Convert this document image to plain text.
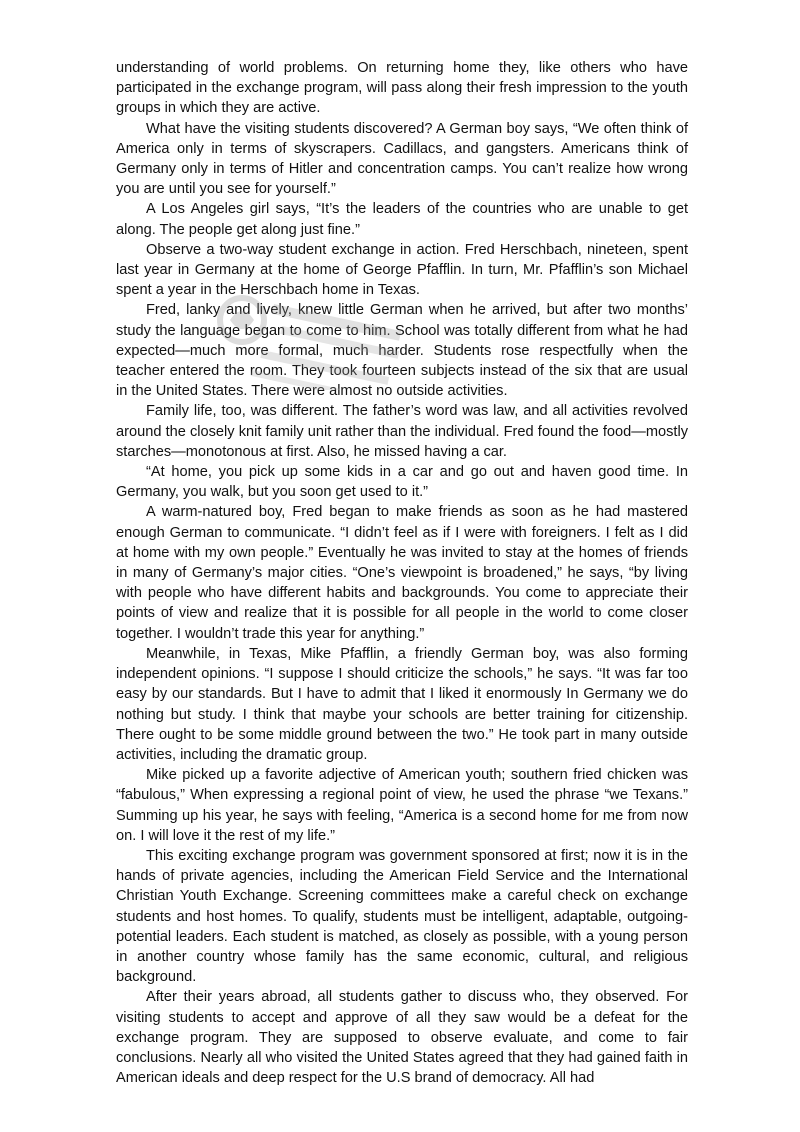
understanding of world problems. On returning home they, like others who have participated in the exchange program, will pass along their fresh impression to the youth groups in which they are active.

What have the visiting students discovered? A German boy says, “We often think of America only in terms of skyscrapers. Cadillacs, and gangsters. Americans think of Germany only in terms of Hitler and concentration camps. You can’t realize how wrong you are until you see for yourself.”

A Los Angeles girl says, “It’s the leaders of the countries who are unable to get along. The people get along just fine.”

Observe a two-way student exchange in action. Fred Herschbach, nineteen, spent last year in Germany at the home of George Pfafflin. In turn, Mr. Pfafflin’s son Michael spent a year in the Herschbach home in Texas.

Fred, lanky and lively, knew little German when he arrived, but after two months’ study the language began to come to him. School was totally different from what he had expected—much more formal, much harder. Students rose respectfully when the teacher entered the room. They took fourteen subjects instead of the six that are usual in the United States. There were almost no outside activities.

Family life, too, was different. The father’s word was law, and all activities revolved around the closely knit family unit rather than the individual. Fred found the food—mostly starches—monotonous at first. Also, he missed having a car.

“At home, you pick up some kids in a car and go out and haven good time. In Germany, you walk, but you soon get used to it.”

A warm-natured boy, Fred began to make friends as soon as he had mastered enough German to communicate. “I didn’t feel as if I were with foreigners. I felt as I did at home with my own people.” Eventually he was invited to stay at the homes of friends in many of Germany’s major cities. “One’s viewpoint is broadened,” he says, “by living with people who have different habits and backgrounds. You come to appreciate their points of view and realize that it is possible for all people in the world to come closer together. I wouldn’t trade this year for anything.”

Meanwhile, in Texas, Mike Pfafflin, a friendly German boy, was also forming independent opinions. “I suppose I should criticize the schools,” he says. “It was far too easy by our standards. But I have to admit that I liked it enormously In Germany we do nothing but study. I think that maybe your schools are better training for citizenship. There ought to be some middle ground between the two.” He took part in many outside activities, including the dramatic group.

Mike picked up a favorite adjective of American youth; southern fried chicken was “fabulous,” When expressing a regional point of view, he used the phrase “we Texans.” Summing up his year, he says with feeling, “America is a second home for me from now on. I will love it the rest of my life.”

This exciting exchange program was government sponsored at first; now it is in the hands of private agencies, including the American Field Service and the International Christian Youth Exchange. Screening committees make a careful check on exchange students and host homes. To qualify, students must be intelligent, adaptable, outgoing-potential leaders. Each student is matched, as closely as possible, with a young person in another country whose family has the same economic, cultural, and religious background.

After their years abroad, all students gather to discuss who, they observed. For visiting students to accept and approve of all they saw would be a defeat for the exchange program. They are supposed to observe evaluate, and come to fair conclusions. Nearly all who visited the United States agreed that they had gained faith in American ideals and deep respect for the U.S brand of democracy. All had
